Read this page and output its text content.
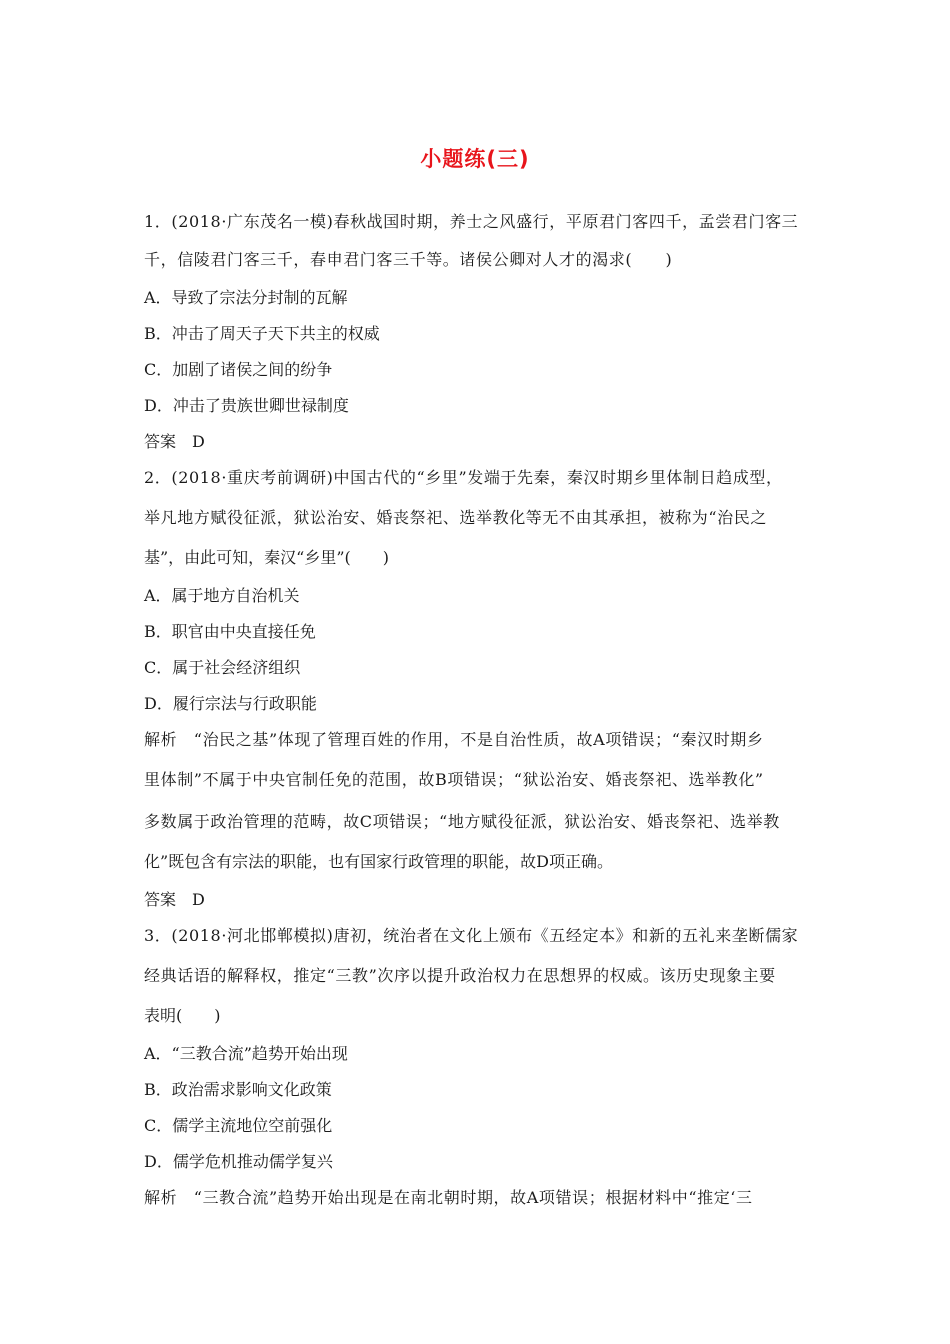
小题练(三)
1．(2018·广东茂名一模)春秋战国时期，养士之风盛行，平原君门客四千，孟尝君门客三
千，信陵君门客三千，春申君门客三千等。诸侯公卿对人才的渴求(　　)
A．导致了宗法分封制的瓦解
B．冲击了周天子天下共主的权威
C．加剧了诸侯之间的纷争
D．冲击了贵族世卿世禄制度
答案　D
2．(2018·重庆考前调研)中国古代的“乡里”发端于先秦，秦汉时期乡里体制日趋成型，
举凡地方赋役征派，狱讼治安、婚丧祭祀、选举教化等无不由其承担，被称为“治民之
基”，由此可知，秦汉“乡里”(　　)
A．属于地方自治机关
B．职官由中央直接任免
C．属于社会经济组织
D．履行宗法与行政职能
解析　“治民之基”体现了管理百姓的作用，不是自治性质，故A项错误；“秦汉时期乡
里体制”不属于中央官制任免的范围，故B项错误；“狱讼治安、婚丧祭祀、选举教化”
多数属于政治管理的范畴，故C项错误；“地方赋役征派，狱讼治安、婚丧祭祀、选举教
化”既包含有宗法的职能，也有国家行政管理的职能，故D项正确。
答案　D
3．(2018·河北邯郸模拟)唐初，统治者在文化上颁布《五经定本》和新的五礼来垄断儒家
经典话语的解释权，推定“三教”次序以提升政治权力在思想界的权威。该历史现象主要
表明(　　)
A．“三教合流”趋势开始出现
B．政治需求影响文化政策
C．儒学主流地位空前强化
D．儒学危机推动儒学复兴
解析　“三教合流”趋势开始出现是在南北朝时期，故A项错误；根据材料中“推定‘三
